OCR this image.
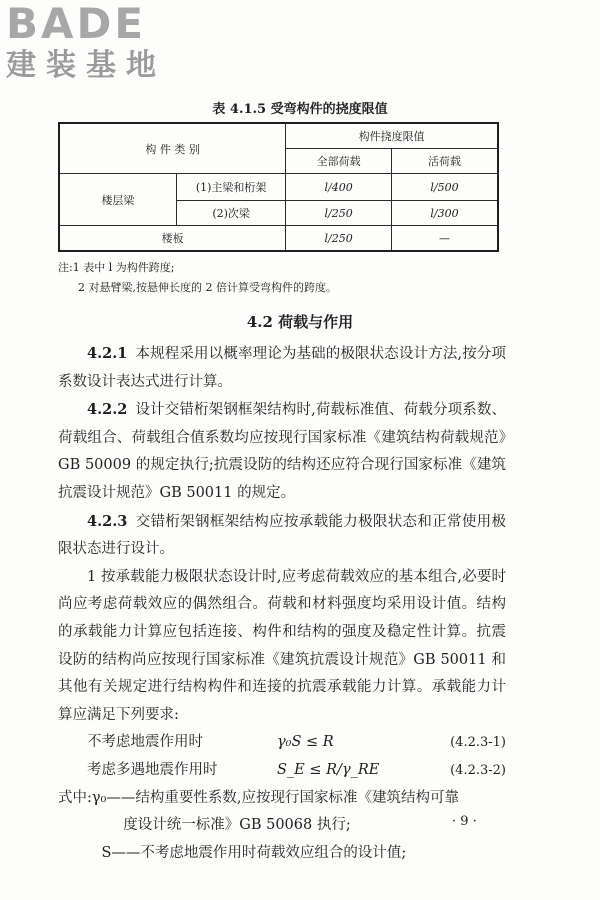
BADE
建装基地
表 4.1.5 受弯构件的挠度限值
构 件 类 别		构件挠度限值	
		全部荷载	活荷载
楼层梁	(1)主梁和桁架	l/400	l/500
	(2)次梁	l/250	l/300
楼板		l/250	—
注:1 表中 l 为构件跨度;
2 对悬臂梁,按悬伸长度的 2 倍计算受弯构件的跨度。
4.2 荷载与作用

4.2.1 本规程采用以概率理论为基础的极限状态设计方法,按分项系数设计表达式进行计算。

4.2.2 设计交错桁架钢框架结构时,荷载标准值、荷载分项系数、荷载组合、荷载组合值系数均应按现行国家标准《建筑结构荷载规范》GB 50009 的规定执行;抗震设防的结构还应符合现行国家标准《建筑抗震设计规范》GB 50011 的规定。

4.2.3 交错桁架钢框架结构应按承载能力极限状态和正常使用极限状态进行设计。

1 按承载能力极限状态设计时,应考虑荷载效应的基本组合,必要时尚应考虑荷载效应的偶然组合。荷载和材料强度均采用设计值。结构的承载能力计算应包括连接、构件和结构的强度及稳定性计算。抗震设防的结构尚应按现行国家标准《建筑抗震设计规范》GB 50011 和其他有关规定进行结构构件和连接的抗震承载能力计算。承载能力计算应满足下列要求:

不考虑地震作用时	γ₀S ≤ R	(4.2.3-1)
考虑多遇地震作用时	S_E ≤ R/γ_RE	(4.2.3-2)

式中:γ₀——结构重要性系数,应按现行国家标准《建筑结构可靠

度设计统一标准》GB 50068 执行;

S——不考虑地震作用时荷载效应组合的设计值;

· 9 ·
